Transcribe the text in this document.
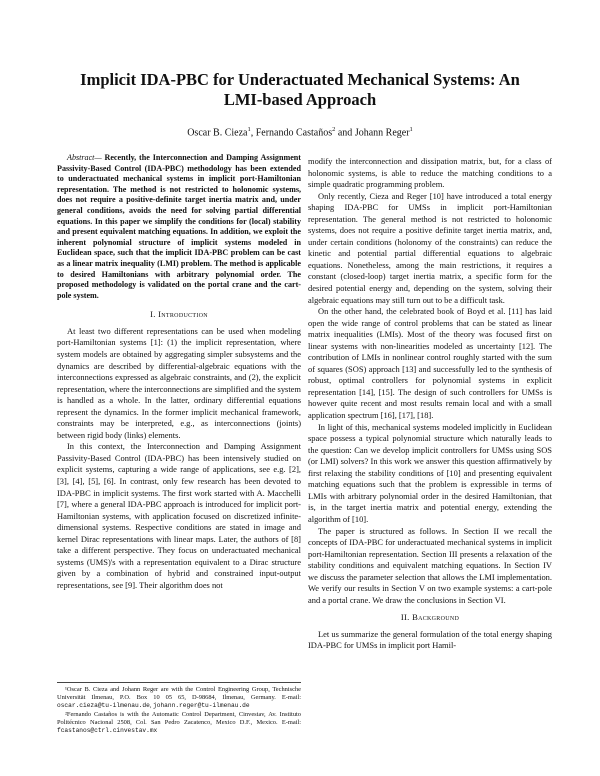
Implicit IDA-PBC for Underactuated Mechanical Systems: An LMI-based Approach
Oscar B. Cieza$^1$, Fernando Castaños$^2$ and Johann Reger$^1$

Abstract— Recently, the Interconnection and Damping Assignment Passivity-Based Control (IDA-PBC) methodology has been extended to underactuated mechanical systems in implicit port-Hamiltonian representation. The method is not restricted to holonomic systems, does not require a positive-definite target inertia matrix and, under general conditions, avoids the need for solving partial differential equations. In this paper we simplify the conditions for (local) stability and present equivalent matching equations. In addition, we exploit the inherent polynomial structure of implicit systems modeled in Euclidean space, such that the implicit IDA-PBC problem can be cast as a linear matrix inequality (LMI) problem. The method is applicable to desired Hamiltonians with arbitrary polynomial order. The proposed methodology is validated on the portal crane and the cart-pole system.

I. Introduction

At least two different representations can be used when modeling port-Hamiltonian systems [1]: (1) the implicit representation, where system models are obtained by aggregating simpler subsystems and the dynamics are described by differential-algebraic equations with the interconnections expressed as algebraic constraints, and (2), the explicit representation, where the interconnections are simplified and the system is handled as a whole. In the latter, ordinary differential equations represent the dynamics. In the former implicit mechanical framework, constraints may be interpreted, e.g., as interconnections (joints) between rigid body (links) elements.

In this context, the Interconnection and Damping Assignment Passivity-Based Control (IDA-PBC) has been intensively studied on explicit systems, capturing a wide range of applications, see e.g. [2], [3], [4], [5], [6]. In contrast, only few research has been devoted to IDA-PBC in implicit systems. The first work started with A. Macchelli [7], where a general IDA-PBC approach is introduced for implicit port-Hamiltonian systems, with application focused on discretized infinite-dimensional systems. Respective conditions are stated in image and kernel Dirac representations with linear maps. Later, the authors of [8] take a different perspective. They focus on underactuated mechanical systems (UMS)'s with a representation equivalent to a Dirac structure given by a combination of hybrid and constrained input-output representations, see [9]. Their algorithm does not

¹Oscar B. Cieza and Johann Reger are with the Control Engineering Group, Technische Universität Ilmenau, P.O. Box 10 05 65, D-98684, Ilmenau, Germany. E-mail: oscar.cieza@tu-ilmenau.de, johann.reger@tu-ilmenau.de

²Fernando Castaños is with the Automatic Control Department, Cinvestav, Av. Instituto Politécnico Nacional 2508, Col. San Pedro Zacatenco, Mexico D.F., Mexico. E-mail: fcastanos@ctrl.cinvestav.mx

modify the interconnection and dissipation matrix, but, for a class of holonomic systems, is able to reduce the matching conditions to a simple quadratic programming problem.

Only recently, Cieza and Reger [10] have introduced a total energy shaping IDA-PBC for UMSs in implicit port-Hamiltonian representation. The general method is not restricted to holonomic systems, does not require a positive definite target inertia matrix, and, under certain conditions (holonomy of the constraints) can reduce the kinetic and potential partial differential equations to algebraic equations. Nonetheless, among the main restrictions, it requires a constant (closed-loop) target inertia matrix, a specific form for the desired potential energy and, depending on the system, solving their algebraic equations may still turn out to be a difficult task.

On the other hand, the celebrated book of Boyd et al. [11] has laid open the wide range of control problems that can be stated as linear matrix inequalities (LMIs). Most of the theory was focused first on linear systems with non-linearities modeled as uncertainty [12]. The contribution of LMIs in nonlinear control roughly started with the sum of squares (SOS) approach [13] and successfully led to the synthesis of robust, optimal controllers for polynomial systems in explicit representation [14], [15]. The design of such controllers for UMSs is however quite recent and most results remain local and with a small application spectrum [16], [17], [18].

In light of this, mechanical systems modeled implicitly in Euclidean space possess a typical polynomial structure which naturally leads to the question: Can we develop implicit controllers for UMSs using SOS (or LMI) solvers? In this work we answer this question affirmatively by first relaxing the stability conditions of [10] and presenting equivalent matching equations such that the problem is expressible in terms of LMIs with arbitrary polynomial order in the desired Hamiltonian, that is, in the target inertia matrix and potential energy, extending the algorithm of [10].

The paper is structured as follows. In Section II we recall the concepts of IDA-PBC for underactuated mechanical systems in implicit port-Hamiltonian representation. Section III presents a relaxation of the stability conditions and equivalent matching equations. In Section IV we discuss the parameter selection that allows the LMI implementation. We verify our results in Section V on two example systems: a cart-pole and a portal crane. We draw the conclusions in Section VI.

II. Background

Let us summarize the general formulation of the total energy shaping IDA-PBC for UMSs in implicit port Hamil-
